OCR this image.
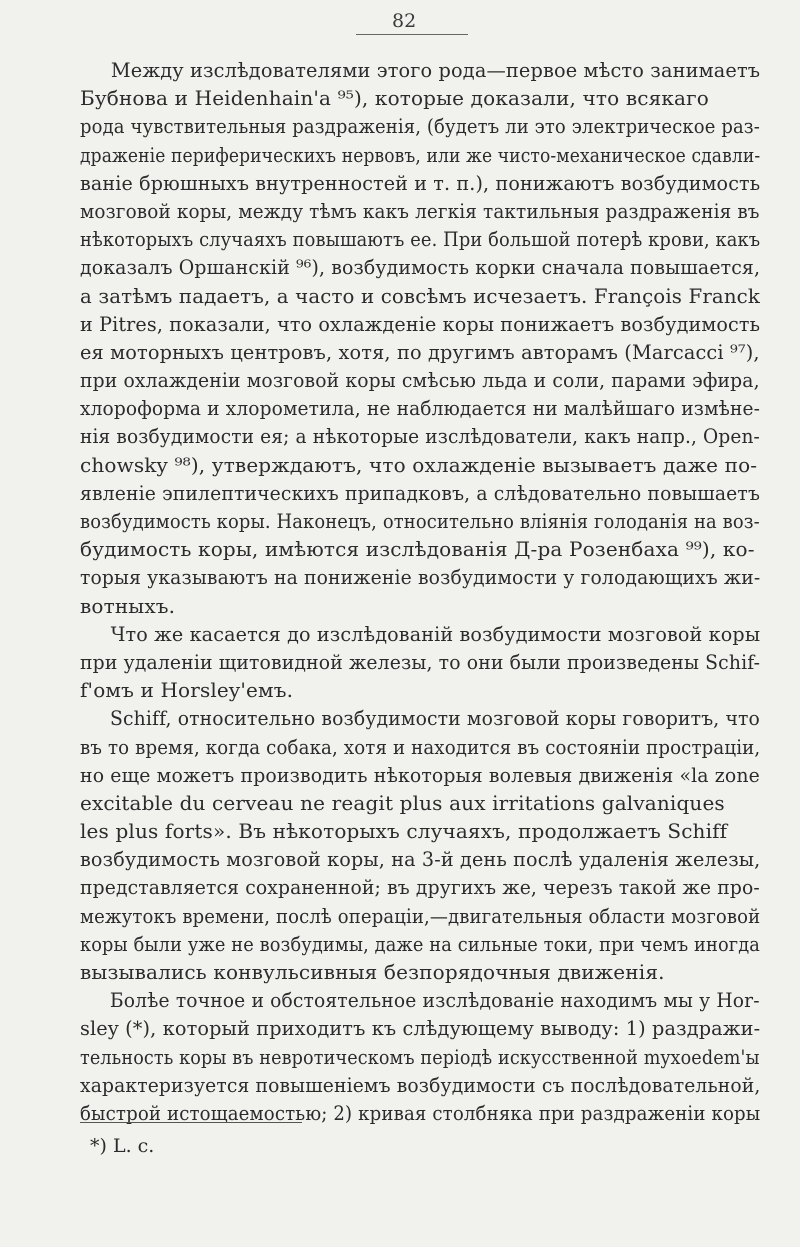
82
Между изслѣдователями этого рода—первое мѣсто занимаетъ
Бубнова и Heidenhain'a ⁹⁵), которые доказали, что всякаго
рода чувствительныя раздраженія, (будетъ ли это электрическое раз-
драженіе периферическихъ нервовъ, или же чисто-механическое сдавли-
ваніе брюшныхъ внутренностей и т. п.), понижаютъ возбудимость
мозговой коры, между тѣмъ какъ легкія тактильныя раздраженія въ
нѣкоторыхъ случаяхъ повышаютъ ее. При большой потерѣ крови, какъ
доказалъ Оршанскій ⁹⁶), возбудимость корки сначала повышается,
а затѣмъ падаетъ, а часто и совсѣмъ исчезаетъ. François Franck
и Pitres, показали, что охлажденіе коры понижаетъ возбудимость
ея моторныхъ центровъ, хотя, по другимъ авторамъ (Marcacci ⁹⁷),
при охлажденіи мозговой коры смѣсью льда и соли, парами эфира,
хлороформа и хлорометила, не наблюдается ни малѣйшаго измѣне-
нія возбудимости ея; а нѣкоторые изслѣдователи, какъ напр., Open-
chowsky ⁹⁸), утверждаютъ, что охлажденіе вызываетъ даже по-
явленіе эпилептическихъ припадковъ, а слѣдовательно повышаетъ
возбудимость коры. Наконецъ, относительно вліянія голоданія на воз-
будимость коры, имѣются изслѣдованія Д-ра Розенбаха ⁹⁹), ко-
торыя указываютъ на пониженіе возбудимости у голодающихъ жи-
вотныхъ.
Что же касается до изслѣдованій возбудимости мозговой коры
при удаленіи щитовидной железы, то они были произведены Schif-
f'омъ и Horsley'емъ.
Schiff, относительно возбудимости мозговой коры говоритъ, что
въ то время, когда собака, хотя и находится въ состояніи прострацiи,
но еще можетъ производить нѣкоторыя волевыя движенія «la zone
excitable du cerveau ne reagit plus aux irritations galvaniques
les plus forts». Въ нѣкоторыхъ случаяхъ, продолжаетъ Schiff
возбудимость мозговой коры, на 3-й день послѣ удаленія железы,
представляется сохраненной; въ другихъ же, черезъ такой же про-
межутокъ времени, послѣ операціи,—двигательныя области мозговой
коры были уже не возбудимы, даже на сильные токи, при чемъ иногда
вызывались конвульсивныя безпорядочныя движенія.
Болѣе точное и обстоятельное изслѣдованіе находимъ мы у Hor-
sley (*), который приходитъ къ слѣдующему выводу: 1) раздражи-
тельность коры въ невротическомъ періодѣ искусственной myxoedem'ы
характеризуется повышеніемъ возбудимости съ послѣдовательной,
быстрой истощаемостью; 2) кривая столбняка при раздраженіи коры
*) L. c.
